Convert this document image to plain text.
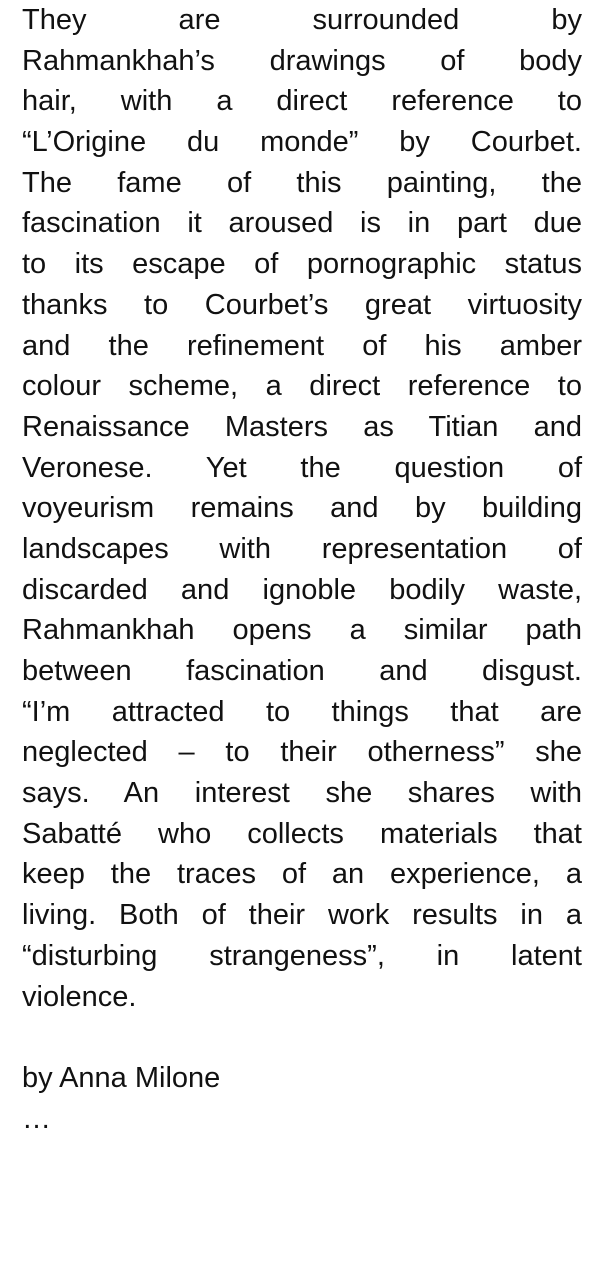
They are surrounded by
Rahmankhah’s drawings of body
hair, with a direct reference to
“L’Origine du monde” by Courbet.
The fame of this painting, the
fascination it aroused is in part due
to its escape of pornographic status
thanks to Courbet’s great virtuosity
and the refinement of his amber
colour scheme, a direct reference to
Renaissance Masters as Titian and
Veronese. Yet the question of
voyeurism remains and by building
landscapes with representation of
discarded and ignoble bodily waste,
Rahmankhah opens a similar path
between fascination and disgust.
“I’m attracted to things that are
neglected – to their otherness” she
says. An interest she shares with
Sabatté who collects materials that
keep the traces of an experience, a
living. Both of their work results in a
“disturbing strangeness”, in latent
violence.
by Anna Milone
…
